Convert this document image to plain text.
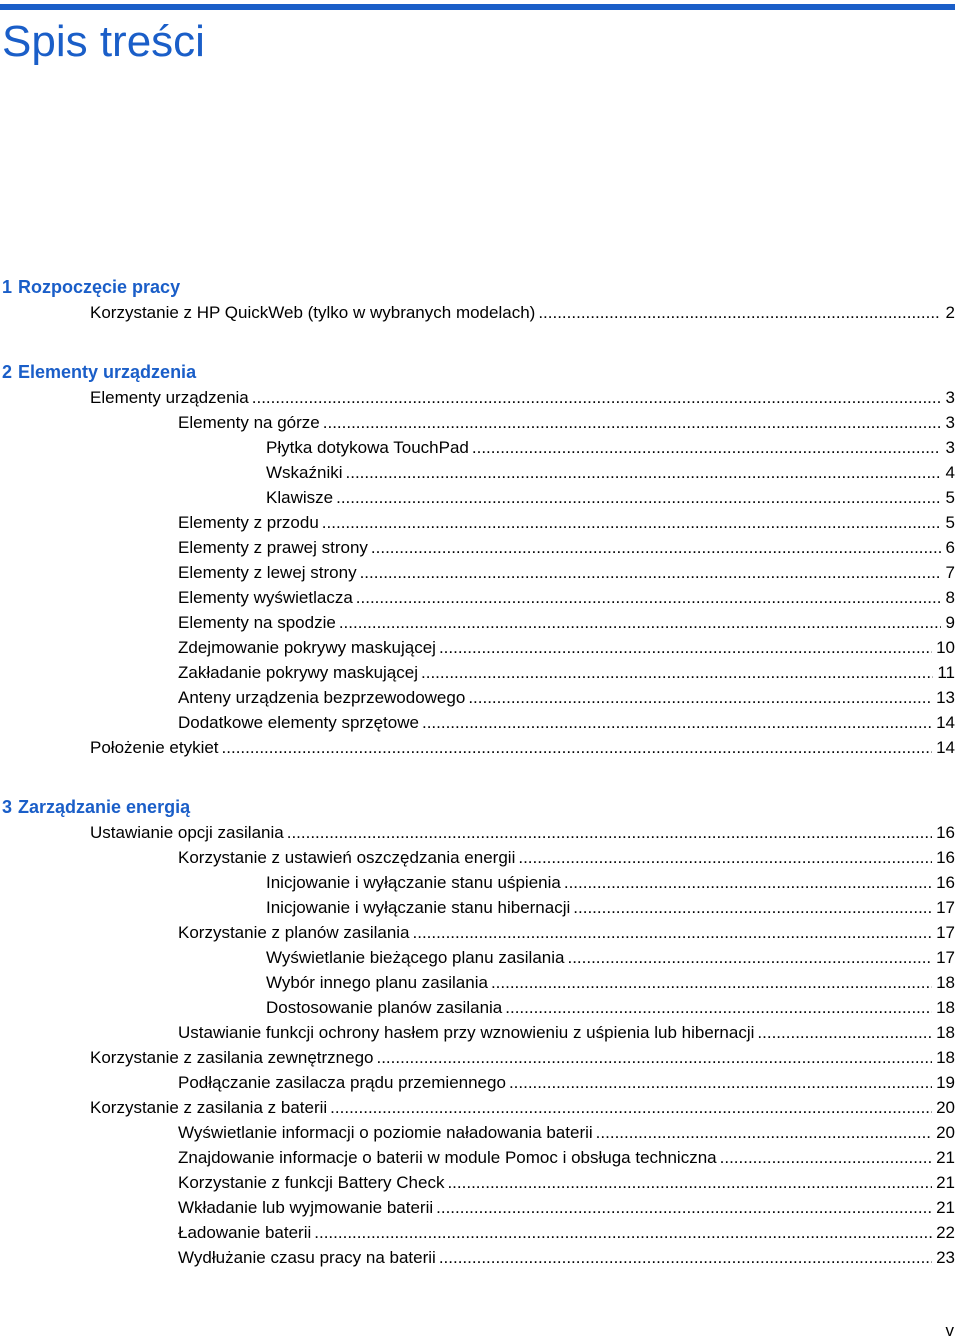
Spis treści
1 Rozpoczęcie pracy
Korzystanie z HP QuickWeb (tylko w wybranych modelach) .....	2
2 Elementy urządzenia
Elementy urządzenia .....	3
Elementy na górze .....	3
Płytka dotykowa TouchPad .....	3
Wskaźniki .....	4
Klawisze .....	5
Elementy z przodu .....	5
Elementy z prawej strony .....	6
Elementy z lewej strony .....	7
Elementy wyświetlacza .....	8
Elementy na spodzie .....	9
Zdejmowanie pokrywy maskującej .....	10
Zakładanie pokrywy maskującej .....	11
Anteny urządzenia bezprzewodowego .....	13
Dodatkowe elementy sprzętowe .....	14
Położenie etykiet .....	14
3 Zarządzanie energią
Ustawianie opcji zasilania .....	16
Korzystanie z ustawień oszczędzania energii .....	16
Inicjowanie i wyłączanie stanu uśpienia .....	16
Inicjowanie i wyłączanie stanu hibernacji .....	17
Korzystanie z planów zasilania .....	17
Wyświetlanie bieżącego planu zasilania .....	17
Wybór innego planu zasilania .....	18
Dostosowanie planów zasilania .....	18
Ustawianie funkcji ochrony hasłem przy wznowieniu z uśpienia lub hibernacji .....	18
Korzystanie z zasilania zewnętrznego .....	18
Podłączanie zasilacza prądu przemiennego .....	19
Korzystanie z zasilania z baterii .....	20
Wyświetlanie informacji o poziomie naładowania baterii .....	20
Znajdowanie informacje o baterii w module Pomoc i obsługa techniczna .....	21
Korzystanie z funkcji Battery Check .....	21
Wkładanie lub wyjmowanie baterii .....	21
Ładowanie baterii .....	22
Wydłużanie czasu pracy na baterii .....	23
v
